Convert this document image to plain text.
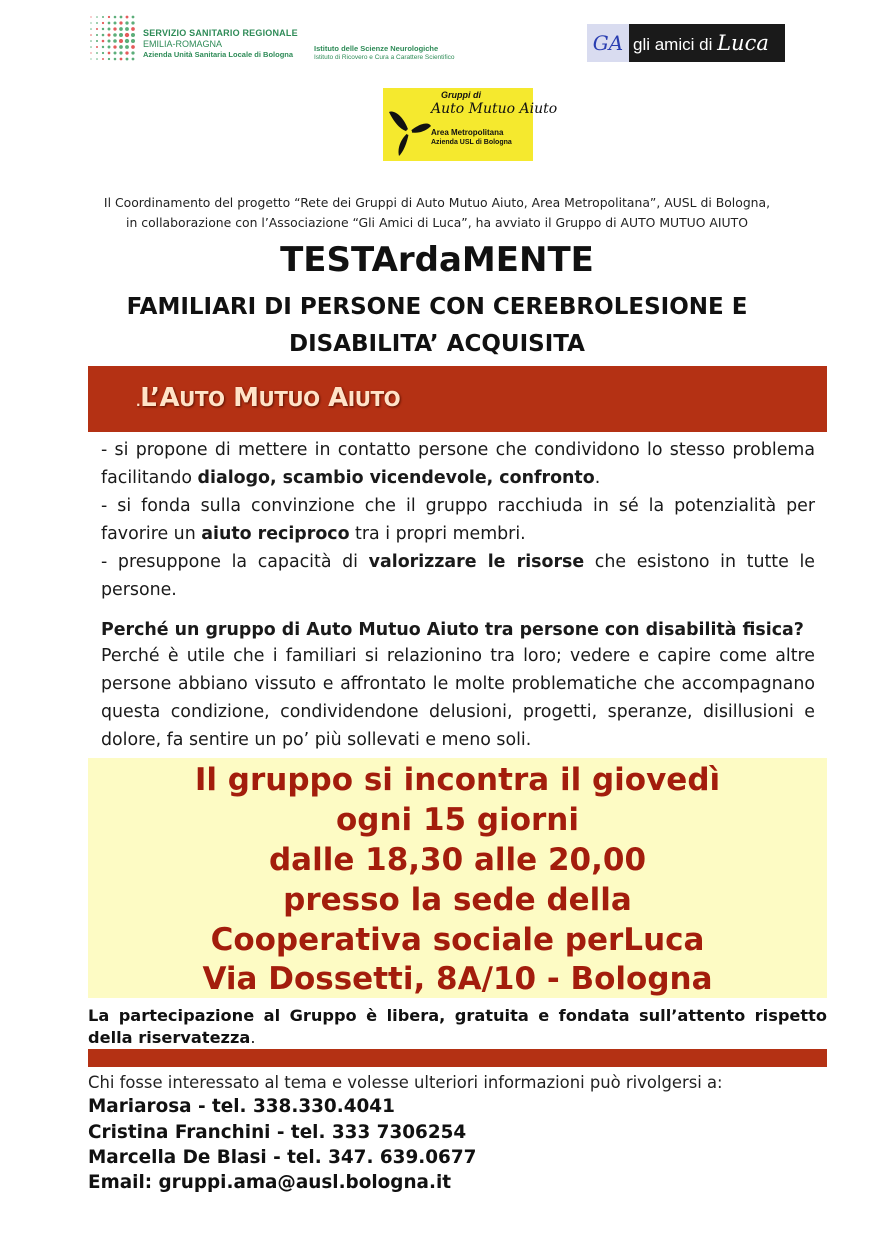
SERVIZIO SANITARIO REGIONALE
EMILIA-ROMAGNA
Azienda Unità Sanitaria Locale di Bologna
Istituto delle Scienze Neurologiche
Istituto di Ricovero e Cura a Carattere Scientifico
GA gli amici di Luca
Gruppi di
Auto Mutuo Aiuto
Area Metropolitana
Azienda USL di Bologna
Il Coordinamento del progetto “Rete dei Gruppi di Auto Mutuo Aiuto, Area Metropolitana”, AUSL di Bologna,
in collaborazione con l’Associazione “Gli Amici di Luca”, ha avviato il Gruppo di AUTO MUTUO AIUTO
TESTArdaMENTE
FAMILIARI DI PERSONE CON CEREBROLESIONE E
DISABILITA’ ACQUISITA
.L’AUTO MUTUO AIUTO
- si propone di mettere in contatto persone che condividono lo stesso problema facilitando dialogo, scambio vicendevole, confronto.
- si fonda sulla convinzione che il gruppo racchiuda in sé la potenzialità per favorire un aiuto reciproco tra i propri membri.
- presuppone la capacità di valorizzare le risorse che esistono in tutte le persone.
Perché un gruppo di Auto Mutuo Aiuto tra persone con disabilità fisica?
Perché è utile che i familiari si relazionino tra loro; vedere e capire come altre persone abbiano vissuto e affrontato le molte problematiche che accompagnano questa condizione, condividendone delusioni, progetti, speranze, disillusioni e dolore, fa sentire un po’ più sollevati e meno soli.
Il gruppo si incontra il giovedì
ogni 15 giorni
dalle 18,30 alle 20,00
presso la sede della
Cooperativa sociale perLuca
Via Dossetti, 8A/10 - Bologna
La partecipazione al Gruppo è libera, gratuita e fondata sull’attento rispetto della riservatezza.
Chi fosse interessato al tema e volesse ulteriori informazioni può rivolgersi a:
Mariarosa - tel. 338.330.4041
Cristina Franchini - tel. 333 7306254
Marcella De Blasi - tel. 347. 639.0677
Email: gruppi.ama@ausl.bologna.it
